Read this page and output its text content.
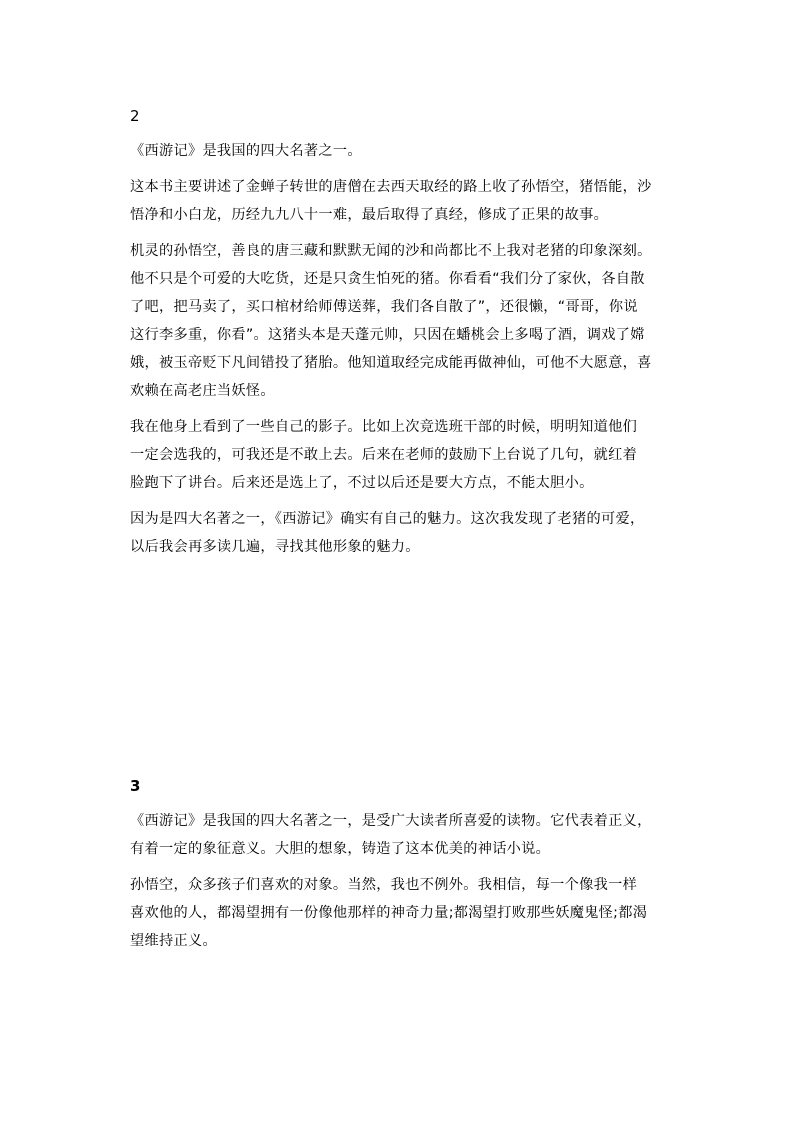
2

《西游记》是我国的四大名著之一。

这本书主要讲述了金蝉子转世的唐僧在去西天取经的路上收了孙悟空，猪悟能，沙
悟净和小白龙，历经九九八十一难，最后取得了真经，修成了正果的故事。

机灵的孙悟空，善良的唐三藏和默默无闻的沙和尚都比不上我对老猪的印象深刻。
他不只是个可爱的大吃货，还是只贪生怕死的猪。你看看“我们分了家伙，各自散
了吧，把马卖了，买口棺材给师傅送葬，我们各自散了”，还很懒，“哥哥，你说
这行李多重，你看”。这猪头本是天蓬元帅，只因在蟠桃会上多喝了酒，调戏了嫦
娥，被玉帝贬下凡间错投了猪胎。他知道取经完成能再做神仙，可他不大愿意，喜
欢赖在高老庄当妖怪。

我在他身上看到了一些自己的影子。比如上次竞选班干部的时候，明明知道他们
一定会选我的，可我还是不敢上去。后来在老师的鼓励下上台说了几句，就红着
脸跑下了讲台。后来还是选上了，不过以后还是要大方点，不能太胆小。

因为是四大名著之一，《西游记》确实有自己的魅力。这次我发现了老猪的可爱，
以后我会再多读几遍，寻找其他形象的魅力。

3

《西游记》是我国的四大名著之一，是受广大读者所喜爱的读物。它代表着正义，
有着一定的象征意义。大胆的想象，铸造了这本优美的神话小说。

孙悟空，众多孩子们喜欢的对象。当然，我也不例外。我相信，每一个像我一样
喜欢他的人，都渴望拥有一份像他那样的神奇力量;都渴望打败那些妖魔鬼怪;都渴
望维持正义。
